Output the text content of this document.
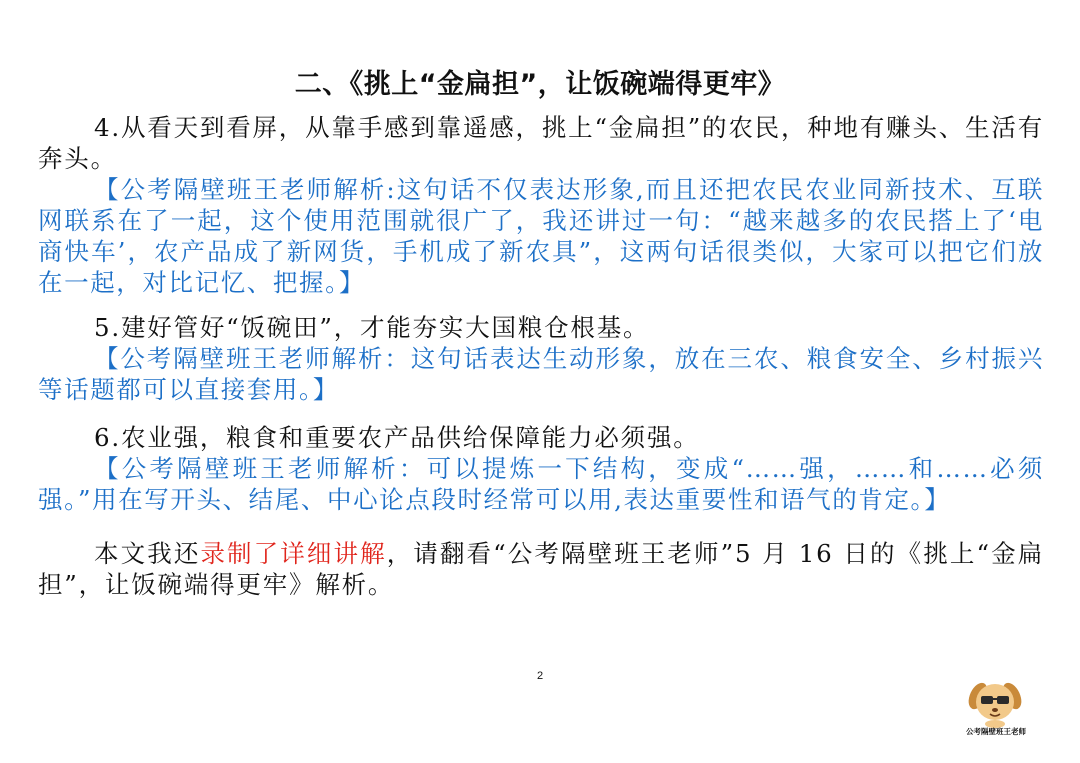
二、《挑上“金扁担”，让饭碗端得更牢》
4.从看天到看屏，从靠手感到靠遥感，挑上“金扁担”的农民，种地有赚头、生活有奔头。
【公考隔壁班王老师解析:这句话不仅表达形象,而且还把农民农业同新技术、互联网联系在了一起，这个使用范围就很广了，我还讲过一句：“越来越多的农民搭上了‘电商快车’，农产品成了新网货，手机成了新农具”，这两句话很类似，大家可以把它们放在一起，对比记忆、把握。】
5.建好管好“饭碗田”，才能夯实大国粮仓根基。
【公考隔壁班王老师解析：这句话表达生动形象，放在三农、粮食安全、乡村振兴等话题都可以直接套用。】
6.农业强，粮食和重要农产品供给保障能力必须强。
【公考隔壁班王老师解析：可以提炼一下结构，变成“……强，……和……必须强。”用在写开头、结尾、中心论点段时经常可以用,表达重要性和语气的肯定。】
本文我还录制了详细讲解，请翻看“公考隔壁班王老师”5 月 16 日的《挑上“金扁担”，让饭碗端得更牢》解析。
2
公考隔壁班王老师
